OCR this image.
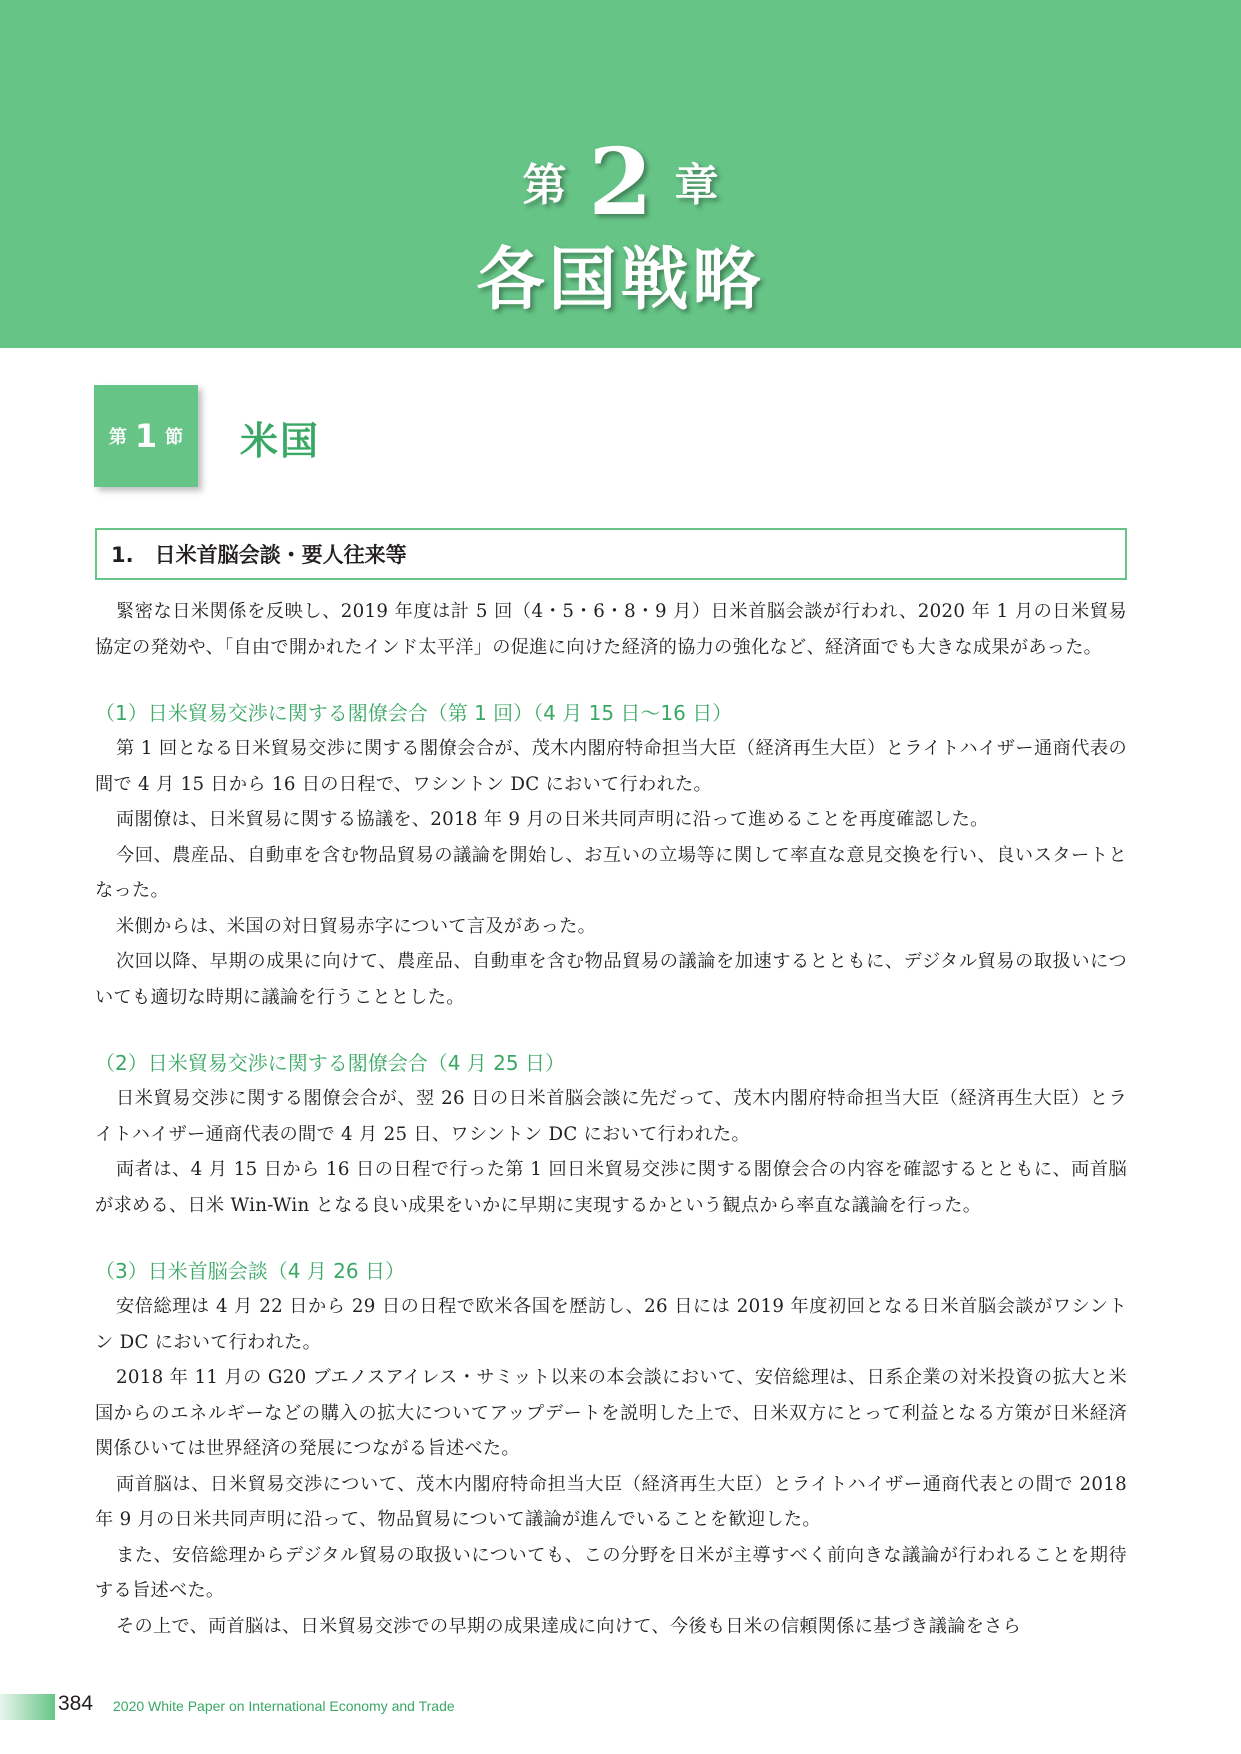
第 2 章
各国戦略
第 1 節 米国
1.　日米首脳会談・要人往来等

緊密な日米関係を反映し、2019 年度は計 5 回（4・5・6・8・9 月）日米首脳会談が行われ、2020 年 1 月の日米貿易協定の発効や、「自由で開かれたインド太平洋」の促進に向けた経済的協力の強化など、経済面でも大きな成果があった。

（1）日米貿易交渉に関する閣僚会合（第 1 回）（4 月 15 日～16 日）

第 1 回となる日米貿易交渉に関する閣僚会合が、茂木内閣府特命担当大臣（経済再生大臣）とライトハイザー通商代表の間で 4 月 15 日から 16 日の日程で、ワシントン DC において行われた。

両閣僚は、日米貿易に関する協議を、2018 年 9 月の日米共同声明に沿って進めることを再度確認した。

今回、農産品、自動車を含む物品貿易の議論を開始し、お互いの立場等に関して率直な意見交換を行い、良いスタートとなった。

米側からは、米国の対日貿易赤字について言及があった。

次回以降、早期の成果に向けて、農産品、自動車を含む物品貿易の議論を加速するとともに、デジタル貿易の取扱いについても適切な時期に議論を行うこととした。

（2）日米貿易交渉に関する閣僚会合（4 月 25 日）

日米貿易交渉に関する閣僚会合が、翌 26 日の日米首脳会談に先だって、茂木内閣府特命担当大臣（経済再生大臣）とライトハイザー通商代表の間で 4 月 25 日、ワシントン DC において行われた。

両者は、4 月 15 日から 16 日の日程で行った第 1 回日米貿易交渉に関する閣僚会合の内容を確認するとともに、両首脳が求める、日米 Win-Win となる良い成果をいかに早期に実現するかという観点から率直な議論を行った。

（3）日米首脳会談（4 月 26 日）

安倍総理は 4 月 22 日から 29 日の日程で欧米各国を歴訪し、26 日には 2019 年度初回となる日米首脳会談がワシントン DC において行われた。

2018 年 11 月の G20 ブエノスアイレス・サミット以来の本会談において、安倍総理は、日系企業の対米投資の拡大と米国からのエネルギーなどの購入の拡大についてアップデートを説明した上で、日米双方にとって利益となる方策が日米経済関係ひいては世界経済の発展につながる旨述べた。

両首脳は、日米貿易交渉について、茂木内閣府特命担当大臣（経済再生大臣）とライトハイザー通商代表との間で 2018 年 9 月の日米共同声明に沿って、物品貿易について議論が進んでいることを歓迎した。

また、安倍総理からデジタル貿易の取扱いについても、この分野を日米が主導すべく前向きな議論が行われることを期待する旨述べた。

その上で、両首脳は、日米貿易交渉での早期の成果達成に向けて、今後も日米の信頼関係に基づき議論をさら

384 2020 White Paper on International Economy and Trade
